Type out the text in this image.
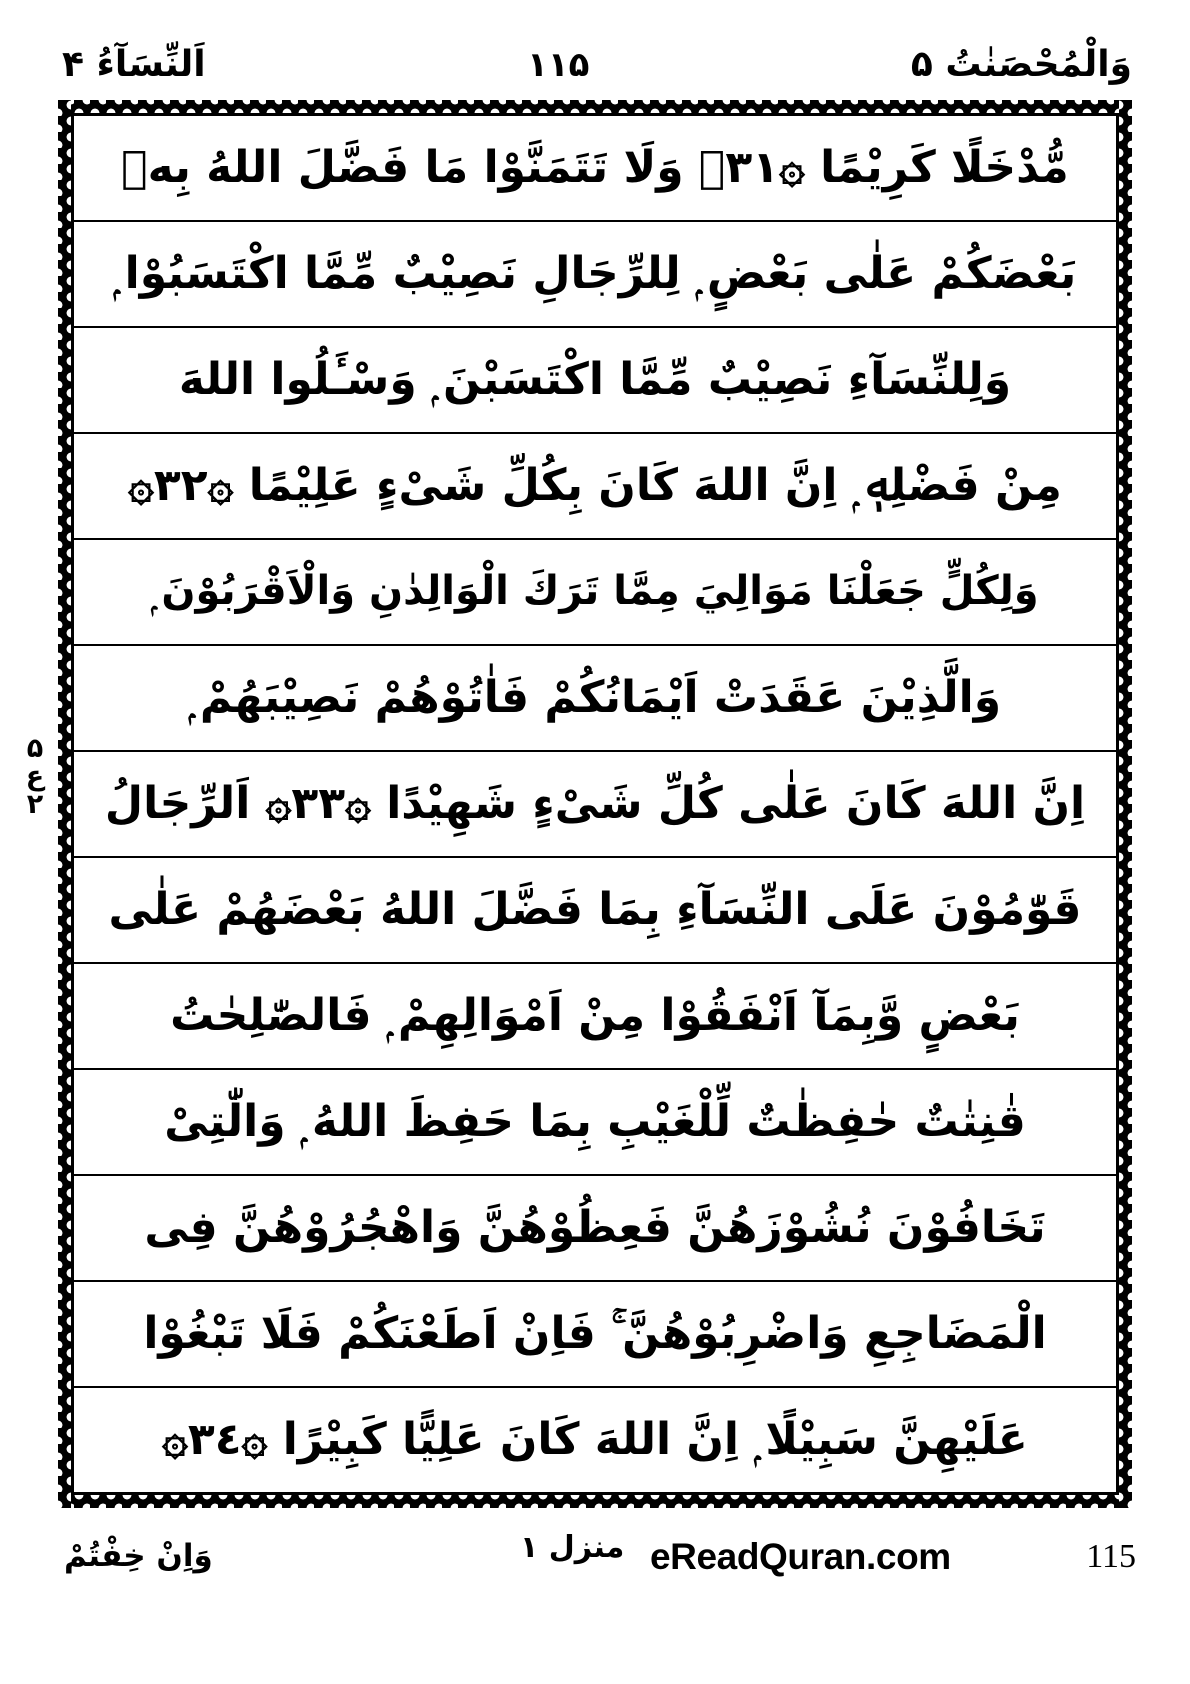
وَالْمُحْصَنٰتُ ۵
۱۱۵
اَلنِّسَآءُ ۴
۵
ع
۲
مُّدْخَلًا كَرِيْمًا ۞٣١۞ وَلَا تَتَمَنَّوْا مَا فَضَّلَ اللهُ بِهٖ
بَعْضَكُمْ عَلٰى بَعْضٍ ۭ لِلرِّجَالِ نَصِيْبٌ مِّمَّا اكْتَسَبُوْا ۭ
وَلِلنِّسَآءِ نَصِيْبٌ مِّمَّا اكْتَسَبْنَ ۭ وَسْـَٔلُوا اللهَ
مِنْ فَضْلِهٖ ۭ اِنَّ اللهَ كَانَ بِكُلِّ شَىْءٍ عَلِيْمًا ۞٣٢۞
وَلِكُلٍّ جَعَلْنَا مَوَالِيَ مِمَّا تَرَكَ الْوَالِدٰنِ وَالْاَقْرَبُوْنَ ۭ
وَالَّذِيْنَ عَقَدَتْ اَيْمَانُكُمْ فَاٰتُوْهُمْ نَصِيْبَهُمْ ۭ
اِنَّ اللهَ كَانَ عَلٰى كُلِّ شَىْءٍ شَهِيْدًا ۞٣٣۞ اَلرِّجَالُ
قَوّٰمُوْنَ عَلَى النِّسَآءِ بِمَا فَضَّلَ اللهُ بَعْضَهُمْ عَلٰى
بَعْضٍ وَّبِمَآ اَنْفَقُوْا مِنْ اَمْوَالِهِمْ ۭ فَالصّٰلِحٰتُ
قٰنِتٰتٌ حٰفِظٰتٌ لِّلْغَيْبِ بِمَا حَفِظَ اللهُ ۭ وَالّٰتِىْ
تَخَافُوْنَ نُشُوْزَهُنَّ فَعِظُوْهُنَّ وَاهْجُرُوْهُنَّ فِى
الْمَضَاجِعِ وَاضْرِبُوْهُنَّ ۚ فَاِنْ اَطَعْنَكُمْ فَلَا تَبْغُوْا
عَلَيْهِنَّ سَبِيْلًا ۭ اِنَّ اللهَ كَانَ عَلِيًّا كَبِيْرًا ۞٣٤۞
منزل ۱
وَاِنْ خِفْتُمْ	eReadQuran.com	115
